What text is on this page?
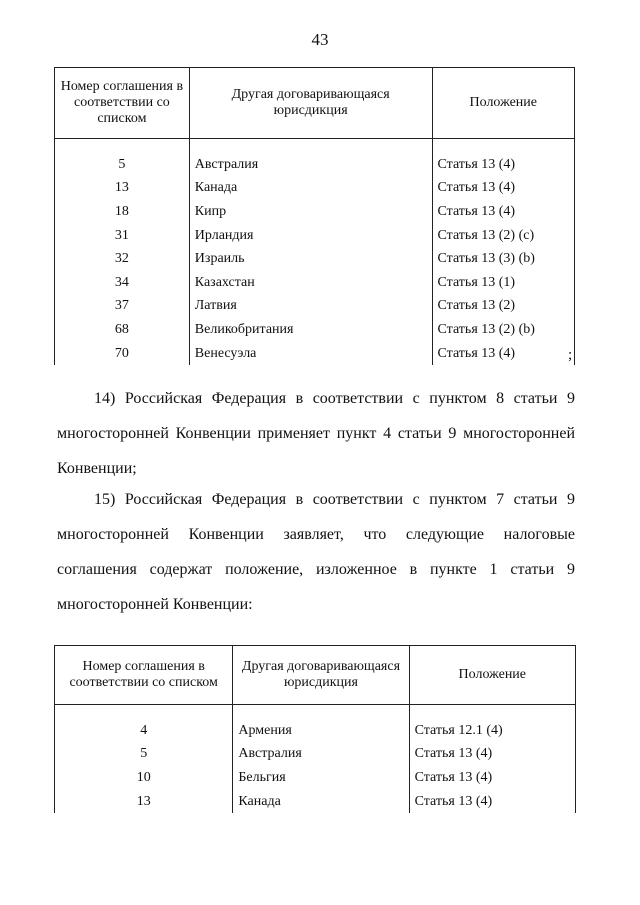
43
Номер соглашения в соответствии со списком	Другая договаривающаяся юрисдикция	Положение

5	Австралия	Статья 13 (4)
13	Канада	Статья 13 (4)
18	Кипр	Статья 13 (4)
31	Ирландия	Статья 13 (2) (c)
32	Израиль	Статья 13 (3) (b)
34	Казахстан	Статья 13 (1)
37	Латвия	Статья 13 (2)
68	Великобритания	Статья 13 (2) (b)
70	Венесуэла	Статья 13 (4)	;

14) Российская Федерация в соответствии с пунктом 8 статьи 9 многосторонней Конвенции применяет пункт 4 статьи 9 многосторонней Конвенции;

15) Российская Федерация в соответствии с пунктом 7 статьи 9 многосторонней Конвенции заявляет, что следующие налоговые соглашения содержат положение, изложенное в пункте 1 статьи 9 многосторонней Конвенции:

Номер соглашения в соответствии со списком	Другая договаривающаяся юрисдикция	Положение

4	Армения	Статья 12.1 (4)
5	Австралия	Статья 13 (4)
10	Бельгия	Статья 13 (4)
13	Канада	Статья 13 (4)
